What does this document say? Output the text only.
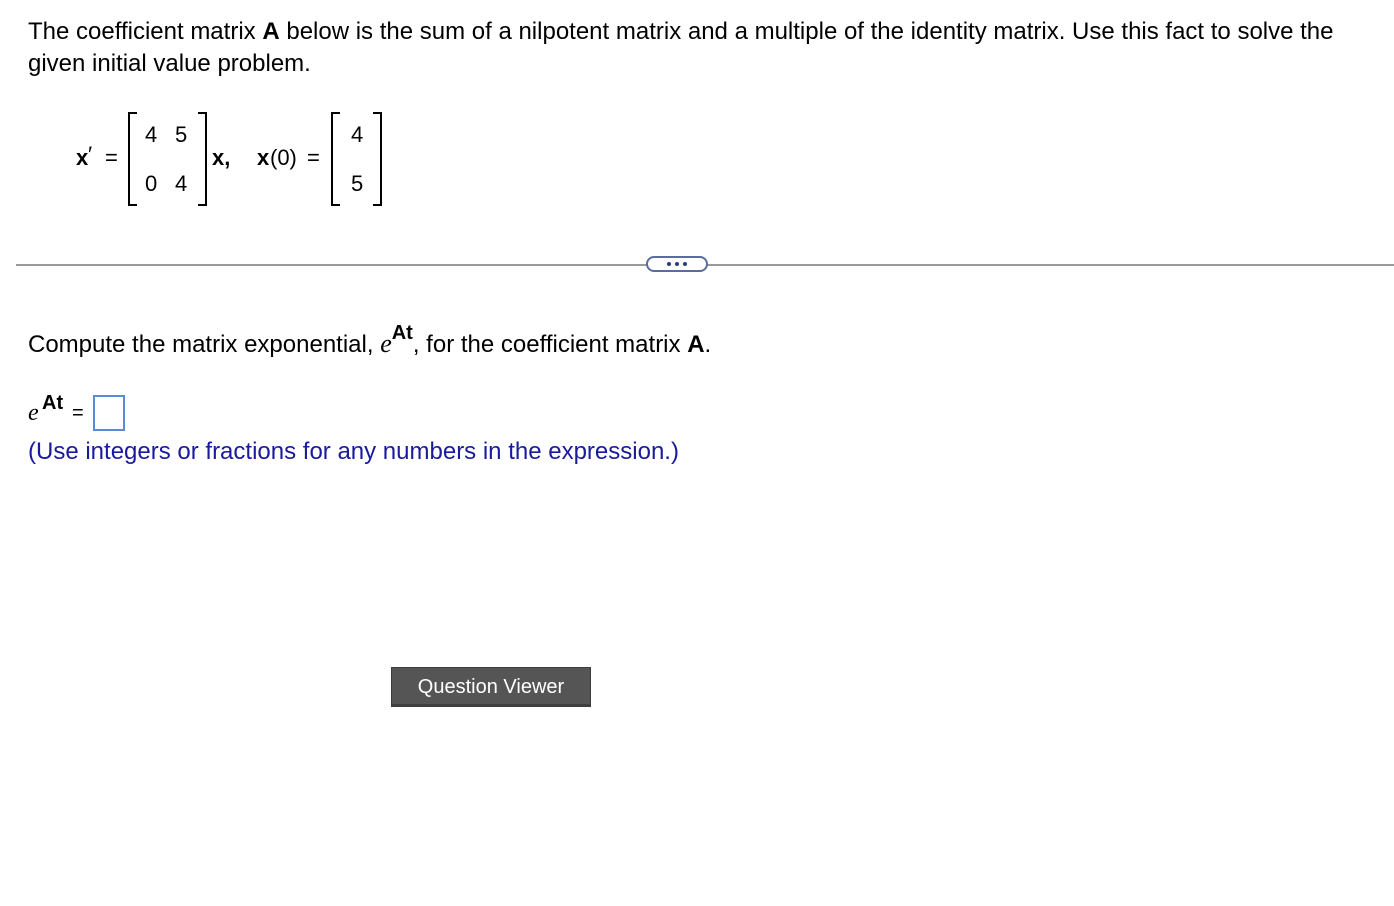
The coefficient matrix A below is the sum of a nilpotent matrix and a multiple of the identity matrix. Use this fact to solve the given initial value problem.

x ′ =
4 5
0 4
x, x (0) =
4
5

Compute the matrix exponential, $e^{At}$, for the coefficient matrix A.

e At =

(Use integers or fractions for any numbers in the expression.)

Question Viewer
